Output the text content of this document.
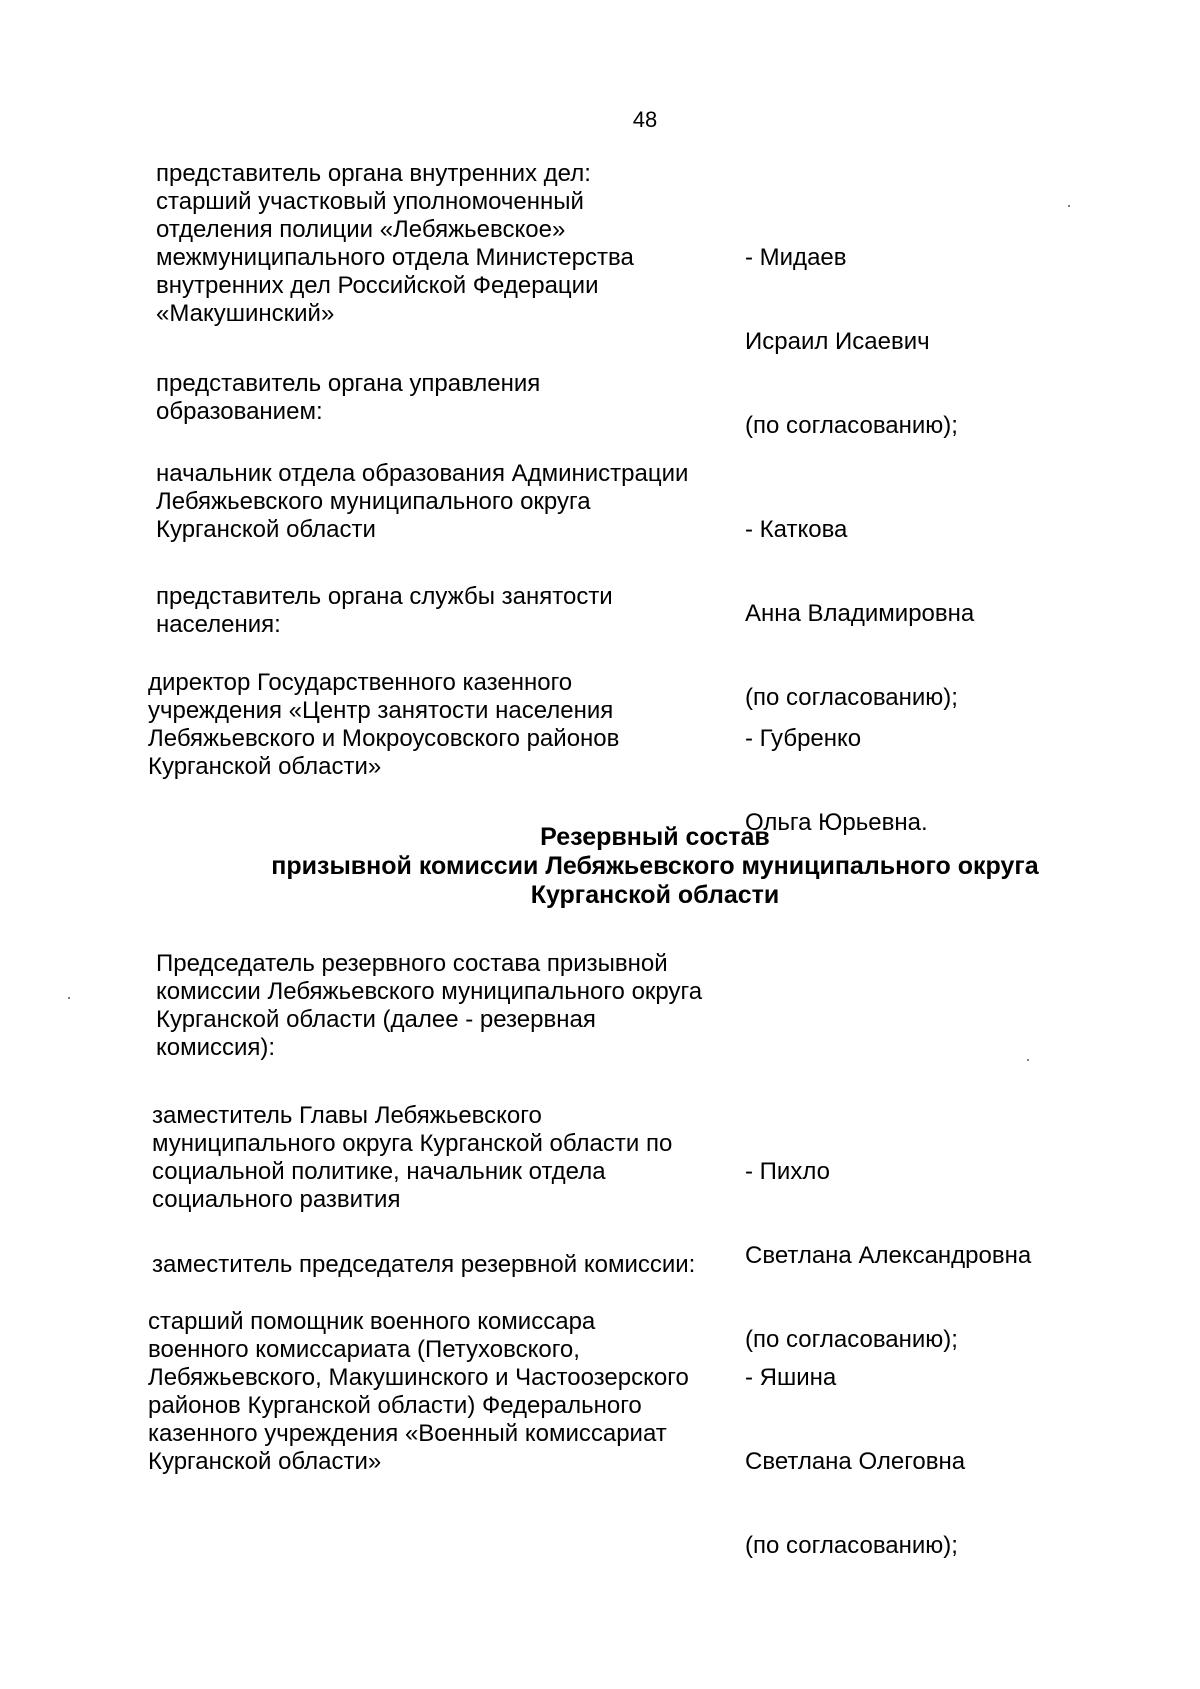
48
представитель органа внутренних дел:
старший участковый уполномоченный
отделения полиции «Лебяжьевское»
межмуниципального отдела Министерства
внутренних дел Российской Федерации
«Макушинский»

- Мидаев

Исраил Исаевич

(по согласованию);

представитель органа управления
образованием:
начальник отдела образования Администрации
Лебяжьевского муниципального округа
Курганской области

	- Каткова

Анна Владимировна

(по согласованию);

представитель органа службы занятости
населения:
директор Государственного казенного
учреждения «Центр занятости населения
Лебяжьевского и Мокроусовского районов
Курганской области»

- Губренко

Ольга Юрьевна.

Резервный состав
призывной комиссии Лебяжьевского муниципального округа
Курганской области
Председатель резервного состава призывной
комиссии Лебяжьевского муниципального округа
Курганской области (далее - резервная
комиссия):
заместитель Главы Лебяжьевского
муниципального округа Курганской области по
социальной политике, начальник отдела
социального развития

- Пихло

Светлана Александровна

(по согласованию);

заместитель председателя резервной комиссии:
старший помощник военного комиссара
военного комиссариата (Петуховского,
Лебяжьевского, Макушинского и Частоозерского
районов Курганской области) Федерального
казенного учреждения «Военный комиссариат
Курганской области»

- Яшина

Светлана Олеговна

(по согласованию);
